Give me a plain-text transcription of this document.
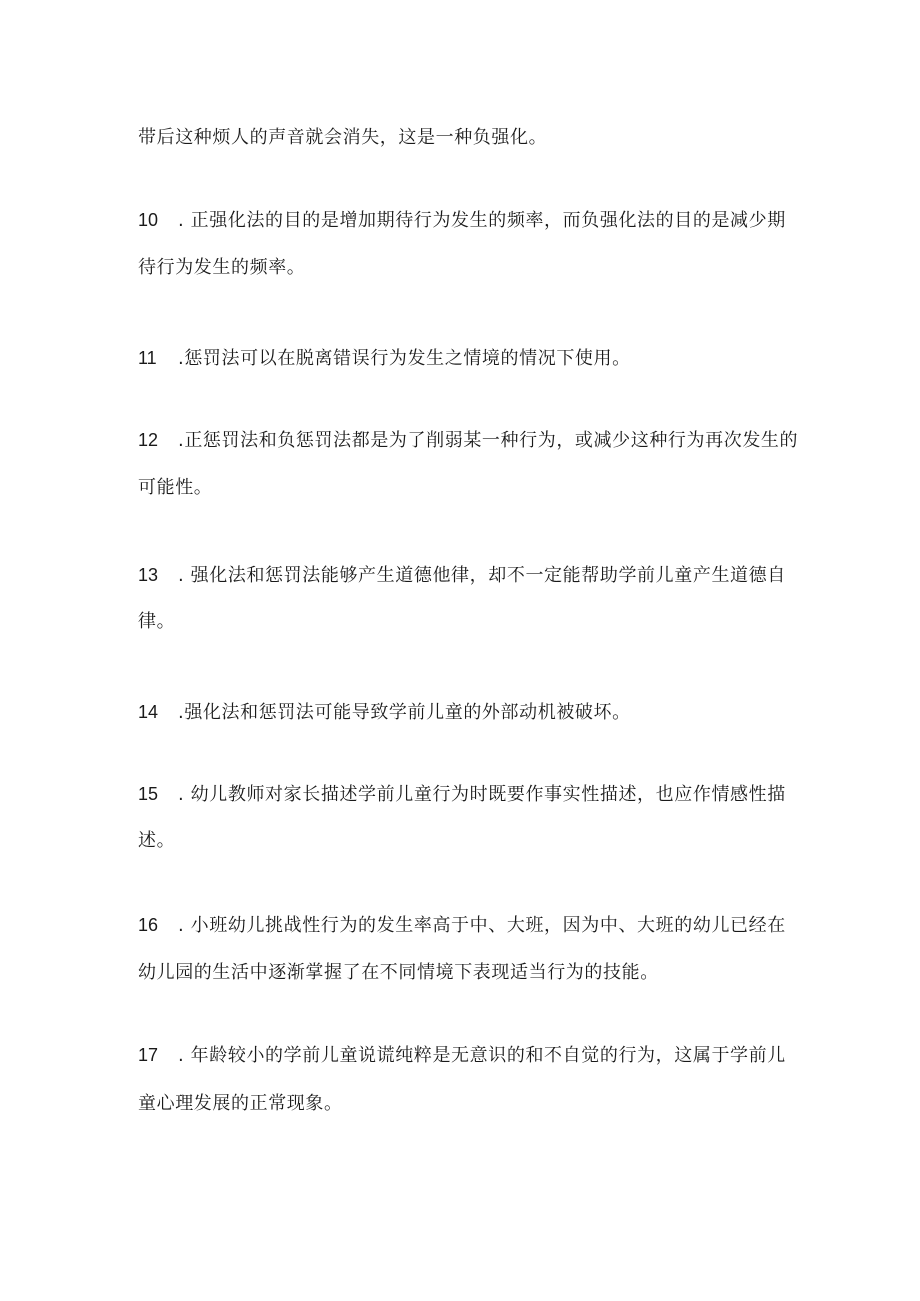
带后这种烦人的声音就会消失，这是一种负强化。
10 . 正强化法的目的是增加期待行为发生的频率，而负强化法的目的是减少期
待行为发生的频率。
11 .惩罚法可以在脱离错误行为发生之情境的情况下使用。
12 .正惩罚法和负惩罚法都是为了削弱某一种行为，或减少这种行为再次发生的
可能性。
13 . 强化法和惩罚法能够产生道德他律，却不一定能帮助学前儿童产生道德自
律。
14 .强化法和惩罚法可能导致学前儿童的外部动机被破坏。
15 . 幼儿教师对家长描述学前儿童行为时既要作事实性描述，也应作情感性描
述。
16 . 小班幼儿挑战性行为的发生率高于中、大班，因为中、大班的幼儿已经在
幼儿园的生活中逐渐掌握了在不同情境下表现适当行为的技能。
17 . 年龄较小的学前儿童说谎纯粹是无意识的和不自觉的行为，这属于学前儿
童心理发展的正常现象。
